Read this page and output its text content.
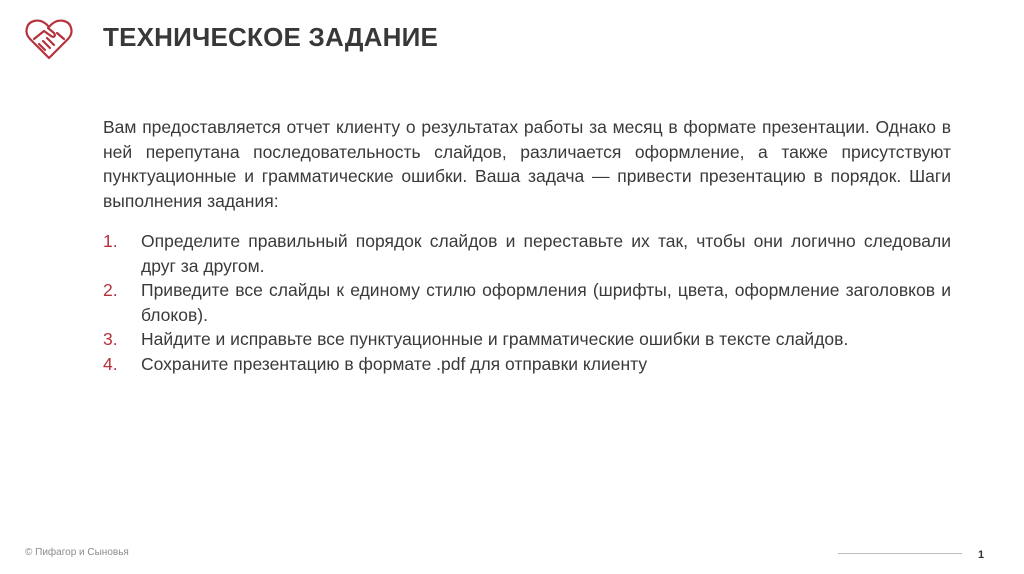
ТЕХНИЧЕСКОЕ ЗАДАНИЕ

Вам предоставляется отчет клиенту о результатах работы за месяц в формате презентации. Однако в ней перепутана последовательность слайдов, различается оформление, а также присутствуют пунктуационные и грамматические ошибки. Ваша задача — привести презентацию в порядок. Шаги выполнения задания:

1. Определите правильный порядок слайдов и переставьте их так, чтобы они логично следовали друг за другом.
2. Приведите все слайды к единому стилю оформления (шрифты, цвета, оформление заголовков и блоков).
3. Найдите и исправьте все пунктуационные и грамматические ошибки в тексте слайдов.
4. Сохраните презентацию в формате .pdf для отправки клиенту
© Пифагор и Сыновья	1
